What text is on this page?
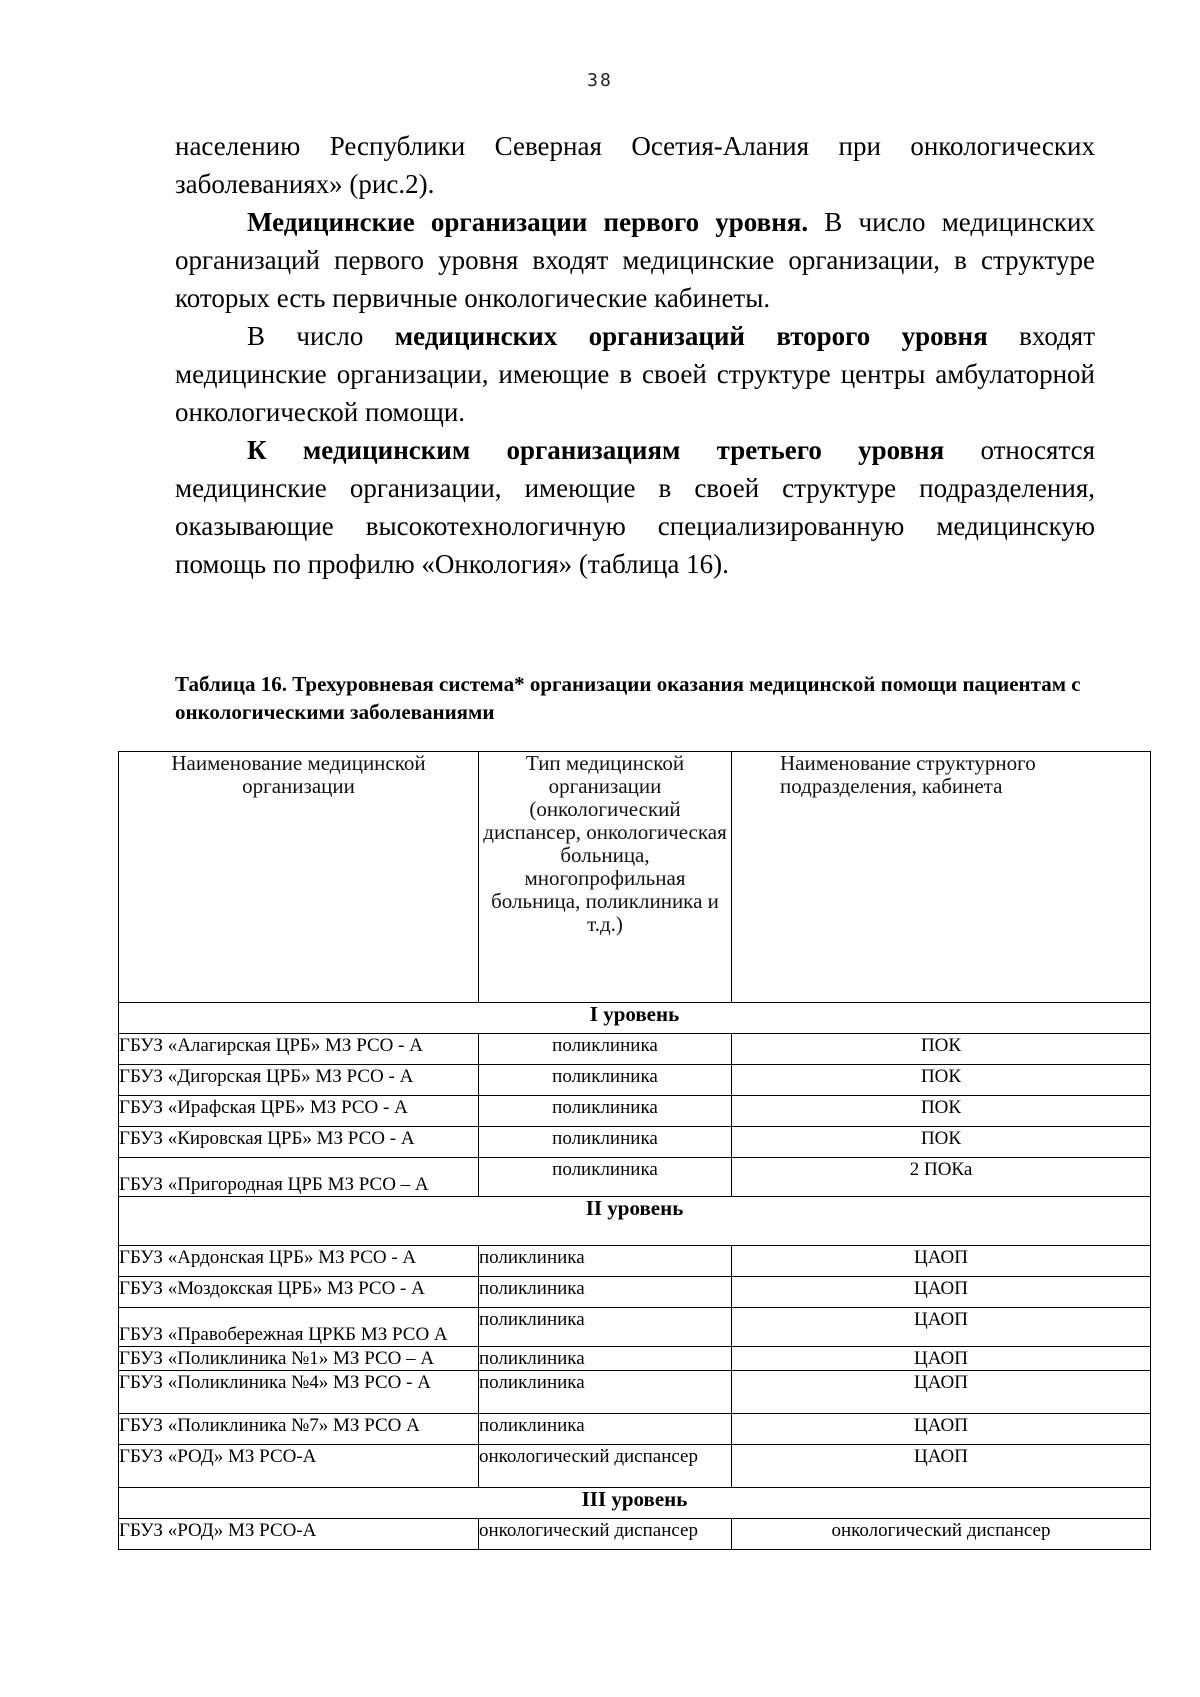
38

населению Республики Северная Осетия-Алания при онкологических заболеваниях» (рис.2).

Медицинские организации первого уровня. В число медицинских организаций первого уровня входят медицинские организации, в структуре которых есть первичные онкологические кабинеты.

В число медицинских организаций второго уровня входят медицинские организации, имеющие в своей структуре центры амбулаторной онкологической помощи.

К медицинским организациям третьего уровня относятся медицинские организации, имеющие в своей структуре подразделения, оказывающие высокотехнологичную специализированную медицинскую помощь по профилю «Онкология» (таблица 16).

Таблица 16. Трехуровневая система* организации оказания медицинской помощи пациентам с онкологическими заболеваниями
Наименование медицинской организации	Тип медицинской организации (онкологический диспансер, онкологическая больница, многопрофильная больница, поликлиника и т.д.)	Наименование структурного подразделения, кабинета
I уровень		
ГБУЗ «Алагирская ЦРБ» МЗ РСО - А	поликлиника	ПОК
ГБУЗ «Дигорская ЦРБ» МЗ РСО - А	поликлиника	ПОК
ГБУЗ «Ирафская ЦРБ» МЗ РСО - А	поликлиника	ПОК
ГБУЗ «Кировская ЦРБ» МЗ РСО - А	поликлиника	ПОК
ГБУЗ «Пригородная ЦРБ МЗ РСО – А	поликлиника	2 ПОКа
II уровень		
ГБУЗ «Ардонская ЦРБ» МЗ РСО - А	поликлиника	ЦАОП
ГБУЗ «Моздокская ЦРБ» МЗ РСО - А	поликлиника	ЦАОП
ГБУЗ «Правобережная ЦРКБ МЗ РСО А	поликлиника	ЦАОП
ГБУЗ «Поликлиника №1» МЗ РСО – А	поликлиника	ЦАОП
ГБУЗ «Поликлиника №4» МЗ РСО - А	поликлиника	ЦАОП
ГБУЗ «Поликлиника №7» МЗ РСО А	поликлиника	ЦАОП
ГБУЗ «РОД» МЗ РСО-А	онкологический диспансер	ЦАОП
III уровень		
ГБУЗ «РОД» МЗ РСО-А	онкологический диспансер	онкологический диспансер
